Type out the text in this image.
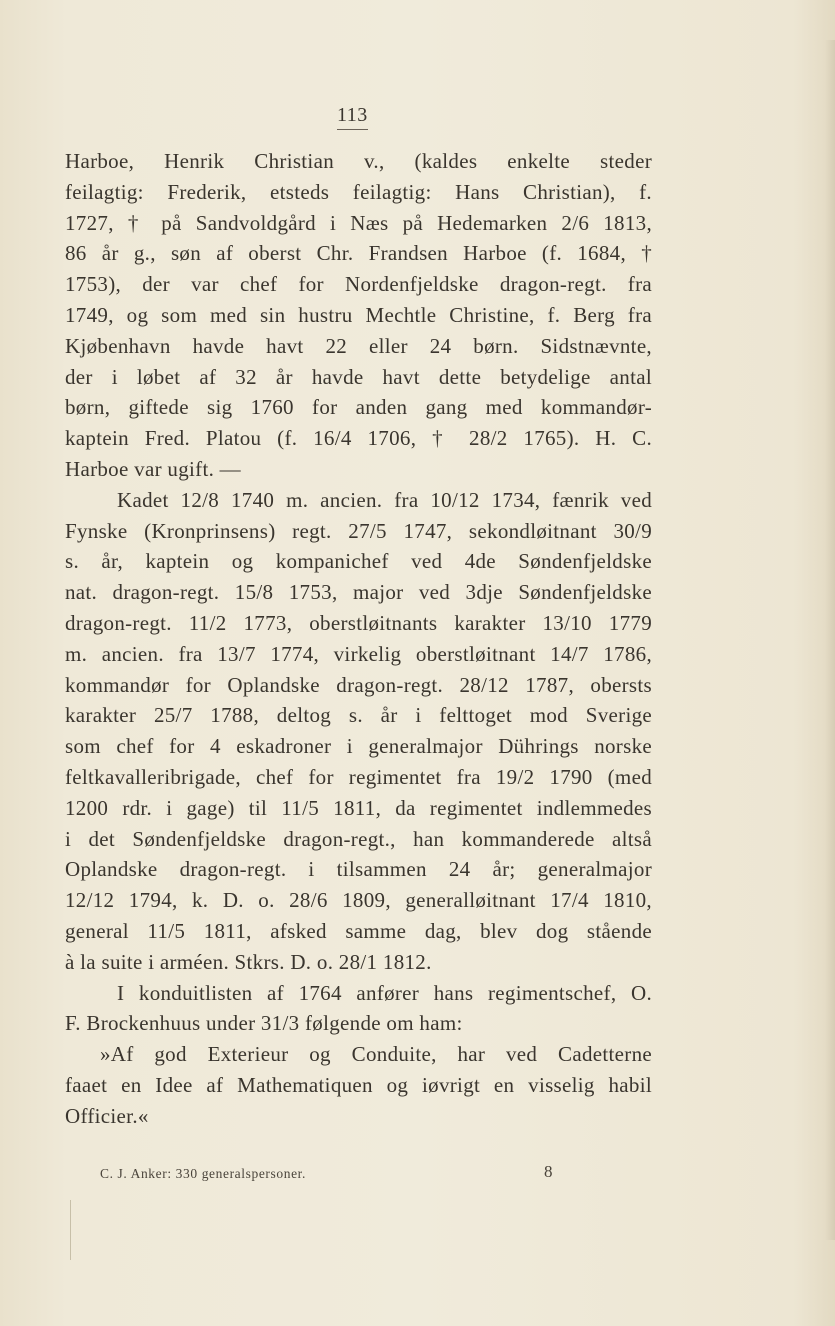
113
Harboe, Henrik Christian v., (kaldes enkelte steder
feilagtig: Frederik, etsteds feilagtig: Hans Christian), f.
1727, † på Sandvoldgård i Næs på Hedemarken 2/6 1813,
86 år g., søn af oberst Chr. Frandsen Harboe (f. 1684, †
1753), der var chef for Nordenfjeldske dragon-regt. fra
1749, og som med sin hustru Mechtle Christine, f. Berg fra
Kjøbenhavn havde havt 22 eller 24 børn. Sidstnævnte,
der i løbet af 32 år havde havt dette betydelige antal
børn, giftede sig 1760 for anden gang med kommandør-
kaptein Fred. Platou (f. 16/4 1706, † 28/2 1765). H. C.
Harboe var ugift. —
Kadet 12/8 1740 m. ancien. fra 10/12 1734, fænrik ved
Fynske (Kronprinsens) regt. 27/5 1747, sekondløitnant 30/9
s. år, kaptein og kompanichef ved 4de Søndenfjeldske
nat. dragon-regt. 15/8 1753, major ved 3dje Søndenfjeldske
dragon-regt. 11/2 1773, oberstløitnants karakter 13/10 1779
m. ancien. fra 13/7 1774, virkelig oberstløitnant 14/7 1786,
kommandør for Oplandske dragon-regt. 28/12 1787, obersts
karakter 25/7 1788, deltog s. år i felttoget mod Sverige
som chef for 4 eskadroner i generalmajor Dührings norske
feltkavalleribrigade, chef for regimentet fra 19/2 1790 (med
1200 rdr. i gage) til 11/5 1811, da regimentet indlemmedes
i det Søndenfjeldske dragon-regt., han kommanderede altså
Oplandske dragon-regt. i tilsammen 24 år; generalmajor
12/12 1794, k. D. o. 28/6 1809, generalløitnant 17/4 1810,
general 11/5 1811, afsked samme dag, blev dog stående
à la suite i arméen. Stkrs. D. o. 28/1 1812.
I konduitlisten af 1764 anfører hans regimentschef, O.
F. Brockenhuus under 31/3 følgende om ham:
»Af god Exterieur og Conduite, har ved Cadetterne
faaet en Idee af Mathematiquen og iøvrigt en visselig habil
Officier.«
C. J. Anker: 330 generalspersoner.	8
